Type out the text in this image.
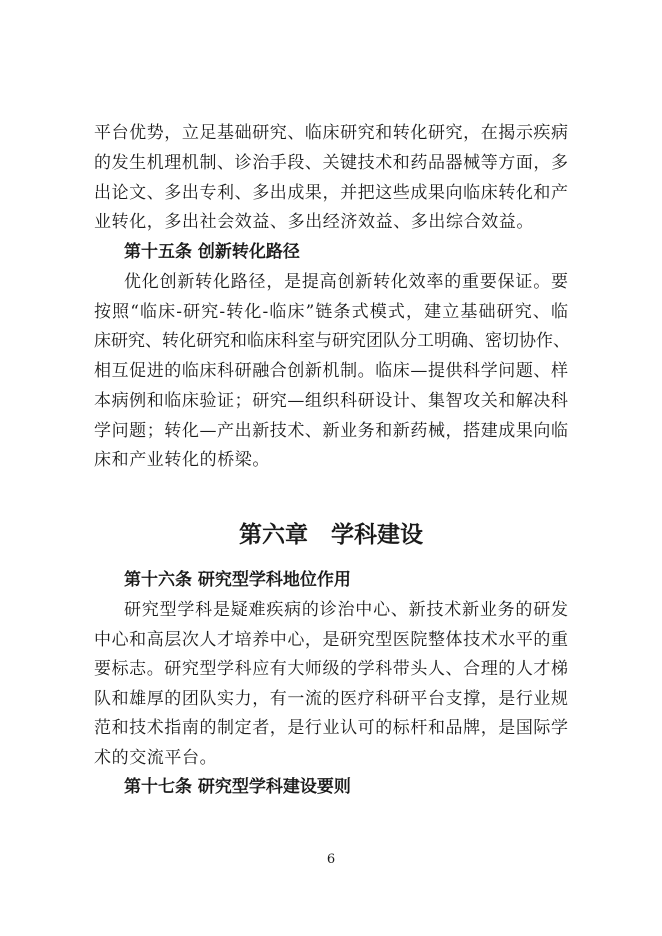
平台优势，立足基础研究、临床研究和转化研究，在揭示疾病
的发生机理机制、诊治手段、关键技术和药品器械等方面，多
出论文、多出专利、多出成果，并把这些成果向临床转化和产
业转化，多出社会效益、多出经济效益、多出综合效益。
第十五条 创新转化路径
优化创新转化路径，是提高创新转化效率的重要保证。要
按照“临床-研究-转化-临床”链条式模式，建立基础研究、临
床研究、转化研究和临床科室与研究团队分工明确、密切协作、
相互促进的临床科研融合创新机制。临床—提供科学问题、样
本病例和临床验证；研究—组织科研设计、集智攻关和解决科
学问题；转化—产出新技术、新业务和新药械，搭建成果向临
床和产业转化的桥梁。
第六章　学科建设
第十六条 研究型学科地位作用
研究型学科是疑难疾病的诊治中心、新技术新业务的研发
中心和高层次人才培养中心，是研究型医院整体技术水平的重
要标志。研究型学科应有大师级的学科带头人、合理的人才梯
队和雄厚的团队实力，有一流的医疗科研平台支撑，是行业规
范和技术指南的制定者，是行业认可的标杆和品牌，是国际学
术的交流平台。
第十七条 研究型学科建设要则
6
